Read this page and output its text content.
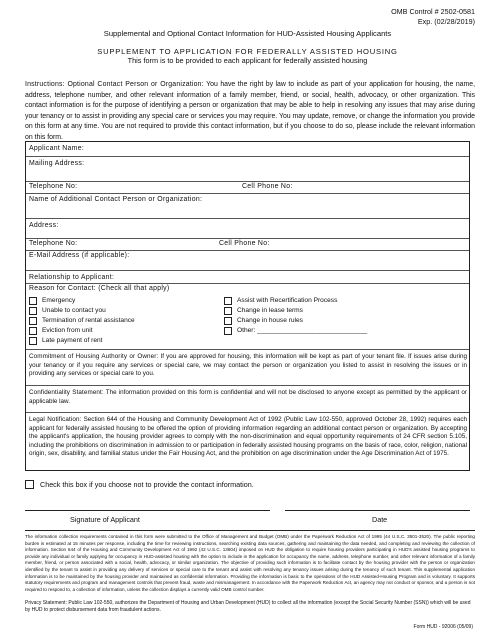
OMB Control # 2502-0581
Exp. (02/28/2019)
Supplemental and Optional Contact Information for HUD-Assisted Housing Applicants
SUPPLEMENT TO APPLICATION FOR FEDERALLY ASSISTED HOUSING
This form is to be provided to each applicant for federally assisted housing
Instructions: Optional Contact Person or Organization: You have the right by law to include as part of your application for housing, the name, address, telephone number, and other relevant information of a family member, friend, or social, health, advocacy, or other organization. This contact information is for the purpose of identifying a person or organization that may be able to help in resolving any issues that may arise during your tenancy or to assist in providing any special care or services you may require. You may update, remove, or change the information you provide on this form at any time. You are not required to provide this contact information, but if you choose to do so, please include the relevant information on this form.
Applicant Name:
Mailing Address:
Telephone No:	Cell Phone No:
Name of Additional Contact Person or Organization:
Address:
Telephone No:	Cell Phone No:
E-Mail Address (if applicable):
Relationship to Applicant:
Reason for Contact: (Check all that apply)
Emergency
Unable to contact you
Termination of rental assistance
Eviction from unit
Late payment of rent
Assist with Recertification Process
Change in lease terms
Change in house rules
Other: ______________________________
Commitment of Housing Authority or Owner: If you are approved for housing, this information will be kept as part of your tenant file. If issues arise during your tenancy or if you require any services or special care, we may contact the person or organization you listed to assist in resolving the issues or in providing any services or special care to you.
Confidentiality Statement: The information provided on this form is confidential and will not be disclosed to anyone except as permitted by the applicant or applicable law.
Legal Notification: Section 644 of the Housing and Community Development Act of 1992 (Public Law 102-550, approved October 28, 1992) requires each applicant for federally assisted housing to be offered the option of providing information regarding an additional contact person or organization. By accepting the applicant's application, the housing provider agrees to comply with the non-discrimination and equal opportunity requirements of 24 CFR section 5.105, including the prohibitions on discrimination in admission to or participation in federally assisted housing programs on the basis of race, color, religion, national origin, sex, disability, and familial status under the Fair Housing Act, and the prohibition on age discrimination under the Age Discrimination Act of 1975.
Check this box if you choose not to provide the contact information.
Signature of Applicant	Date
The information collection requirements contained in this form were submitted to the Office of Management and Budget (OMB) under the Paperwork Reduction Act of 1995 (44 U.S.C. 3501-3520). The public reporting burden is estimated at 15 minutes per response, including the time for reviewing instructions, searching existing data sources, gathering and maintaining the data needed, and completing and reviewing the collection of information. Section 644 of the Housing and Community Development Act of 1992 (42 U.S.C. 13604) imposed on HUD the obligation to require housing providers participating in HUD's assisted housing programs to provide any individual or family applying for occupancy in HUD-assisted housing with the option to include in the application for occupancy the name, address, telephone number, and other relevant information of a family member, friend, or person associated with a social, health, advocacy, or similar organization. The objective of providing such information is to facilitate contact by the housing provider with the person or organization identified by the tenant to assist in providing any delivery of services or special care to the tenant and assist with resolving any tenancy issues arising during the tenancy of such tenant. This supplemental application information is to be maintained by the housing provider and maintained as confidential information. Providing the information is basic to the operations of the HUD Assisted-Housing Program and is voluntary. It supports statutory requirements and program and management controls that prevent fraud, waste and mismanagement. In accordance with the Paperwork Reduction Act, an agency may not conduct or sponsor, and a person is not required to respond to, a collection of information, unless the collection displays a currently valid OMB control number.
Privacy Statement: Public Law 102-550, authorizes the Department of Housing and Urban Development (HUD) to collect all the information (except the Social Security Number (SSN)) which will be used by HUD to protect disbursement data from fraudulent actions.
Form HUD - 92006 (05/09)
